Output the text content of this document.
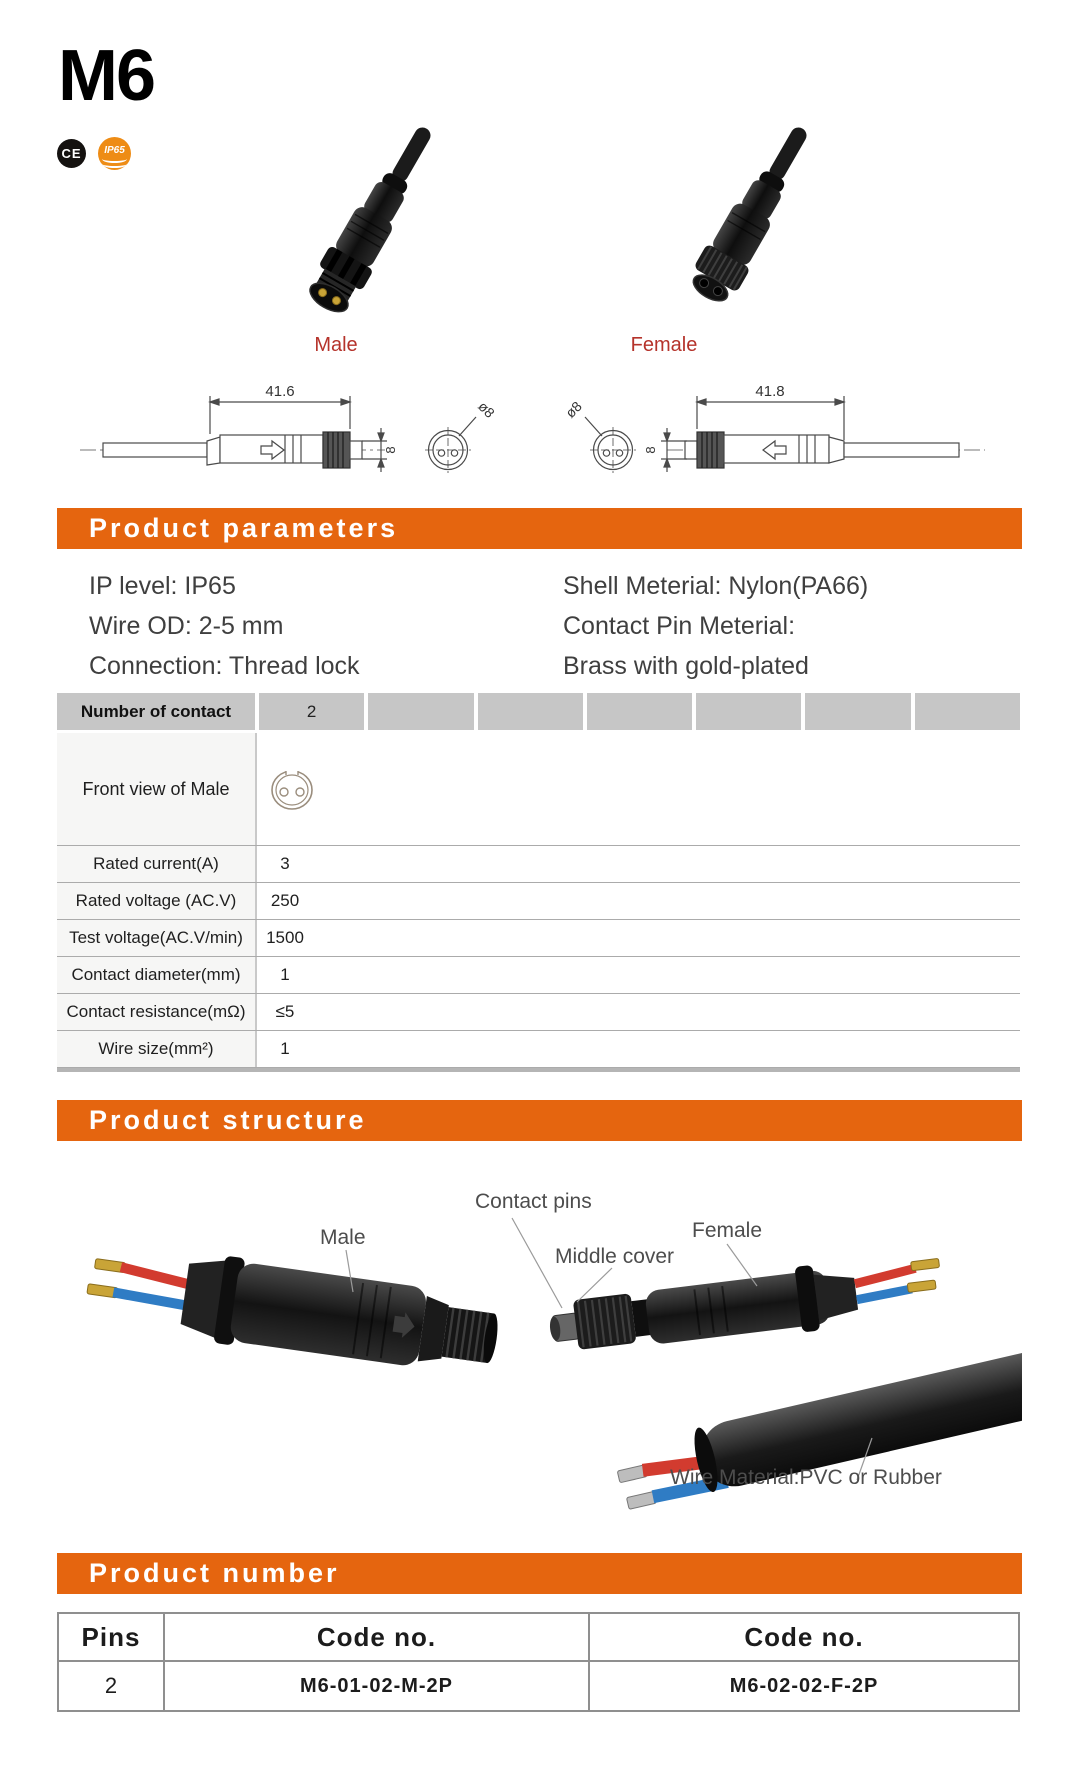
M6
CE IP65
Male	Female
41.6
8
ø8
41.8
8
ø8
Product parameters
IP level: IP65
Wire OD: 2-5 mm
Connection: Thread lock
Shell Meterial: Nylon(PA66)
Contact Pin Meterial:
Brass with gold-plated
Number of contact	2
Front view of Male
Rated current(A)	3
Rated voltage (AC.V)	250
Test voltage(AC.V/min)	1500
Contact diameter(mm)	1
Contact resistance(mΩ)	≤5
Wire size(mm²)	1
Product structure
Contact pins
Middle cover
Male	Female
Wire Material:PVC or Rubber
Product number
Pins	Code no.	Code no.
2	M6-01-02-M-2P	M6-02-02-F-2P
